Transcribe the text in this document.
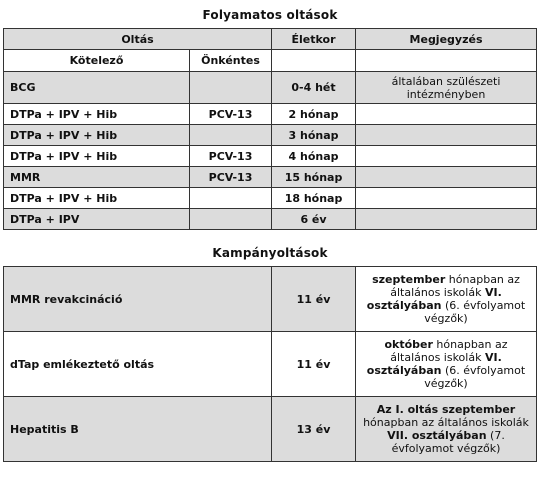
Folyamatos oltások
Oltás		Életkor	Megjegyzés
Kötelező	Önkéntes		
BCG		0-4 hét	általában szülészeti intézményben
DTPa + IPV + Hib	PCV-13	2 hónap	
DTPa + IPV + Hib		3 hónap	
DTPa + IPV + Hib	PCV-13	4 hónap	
MMR	PCV-13	15 hónap	
DTPa + IPV + Hib		18 hónap	
DTPa + IPV		6 év	
Kampányoltások
MMR revakcináció	11 év	szeptember hónapban az általános iskolák VI. osztályában (6. évfolyamot végzők)
dTap emlékeztető oltás	11 év	október hónapban az általános iskolák VI. osztályában (6. évfolyamot végzők)
Hepatitis B	13 év	Az I. oltás szeptember hónapban az általános iskolák VII. osztályában (7. évfolyamot végzők)
